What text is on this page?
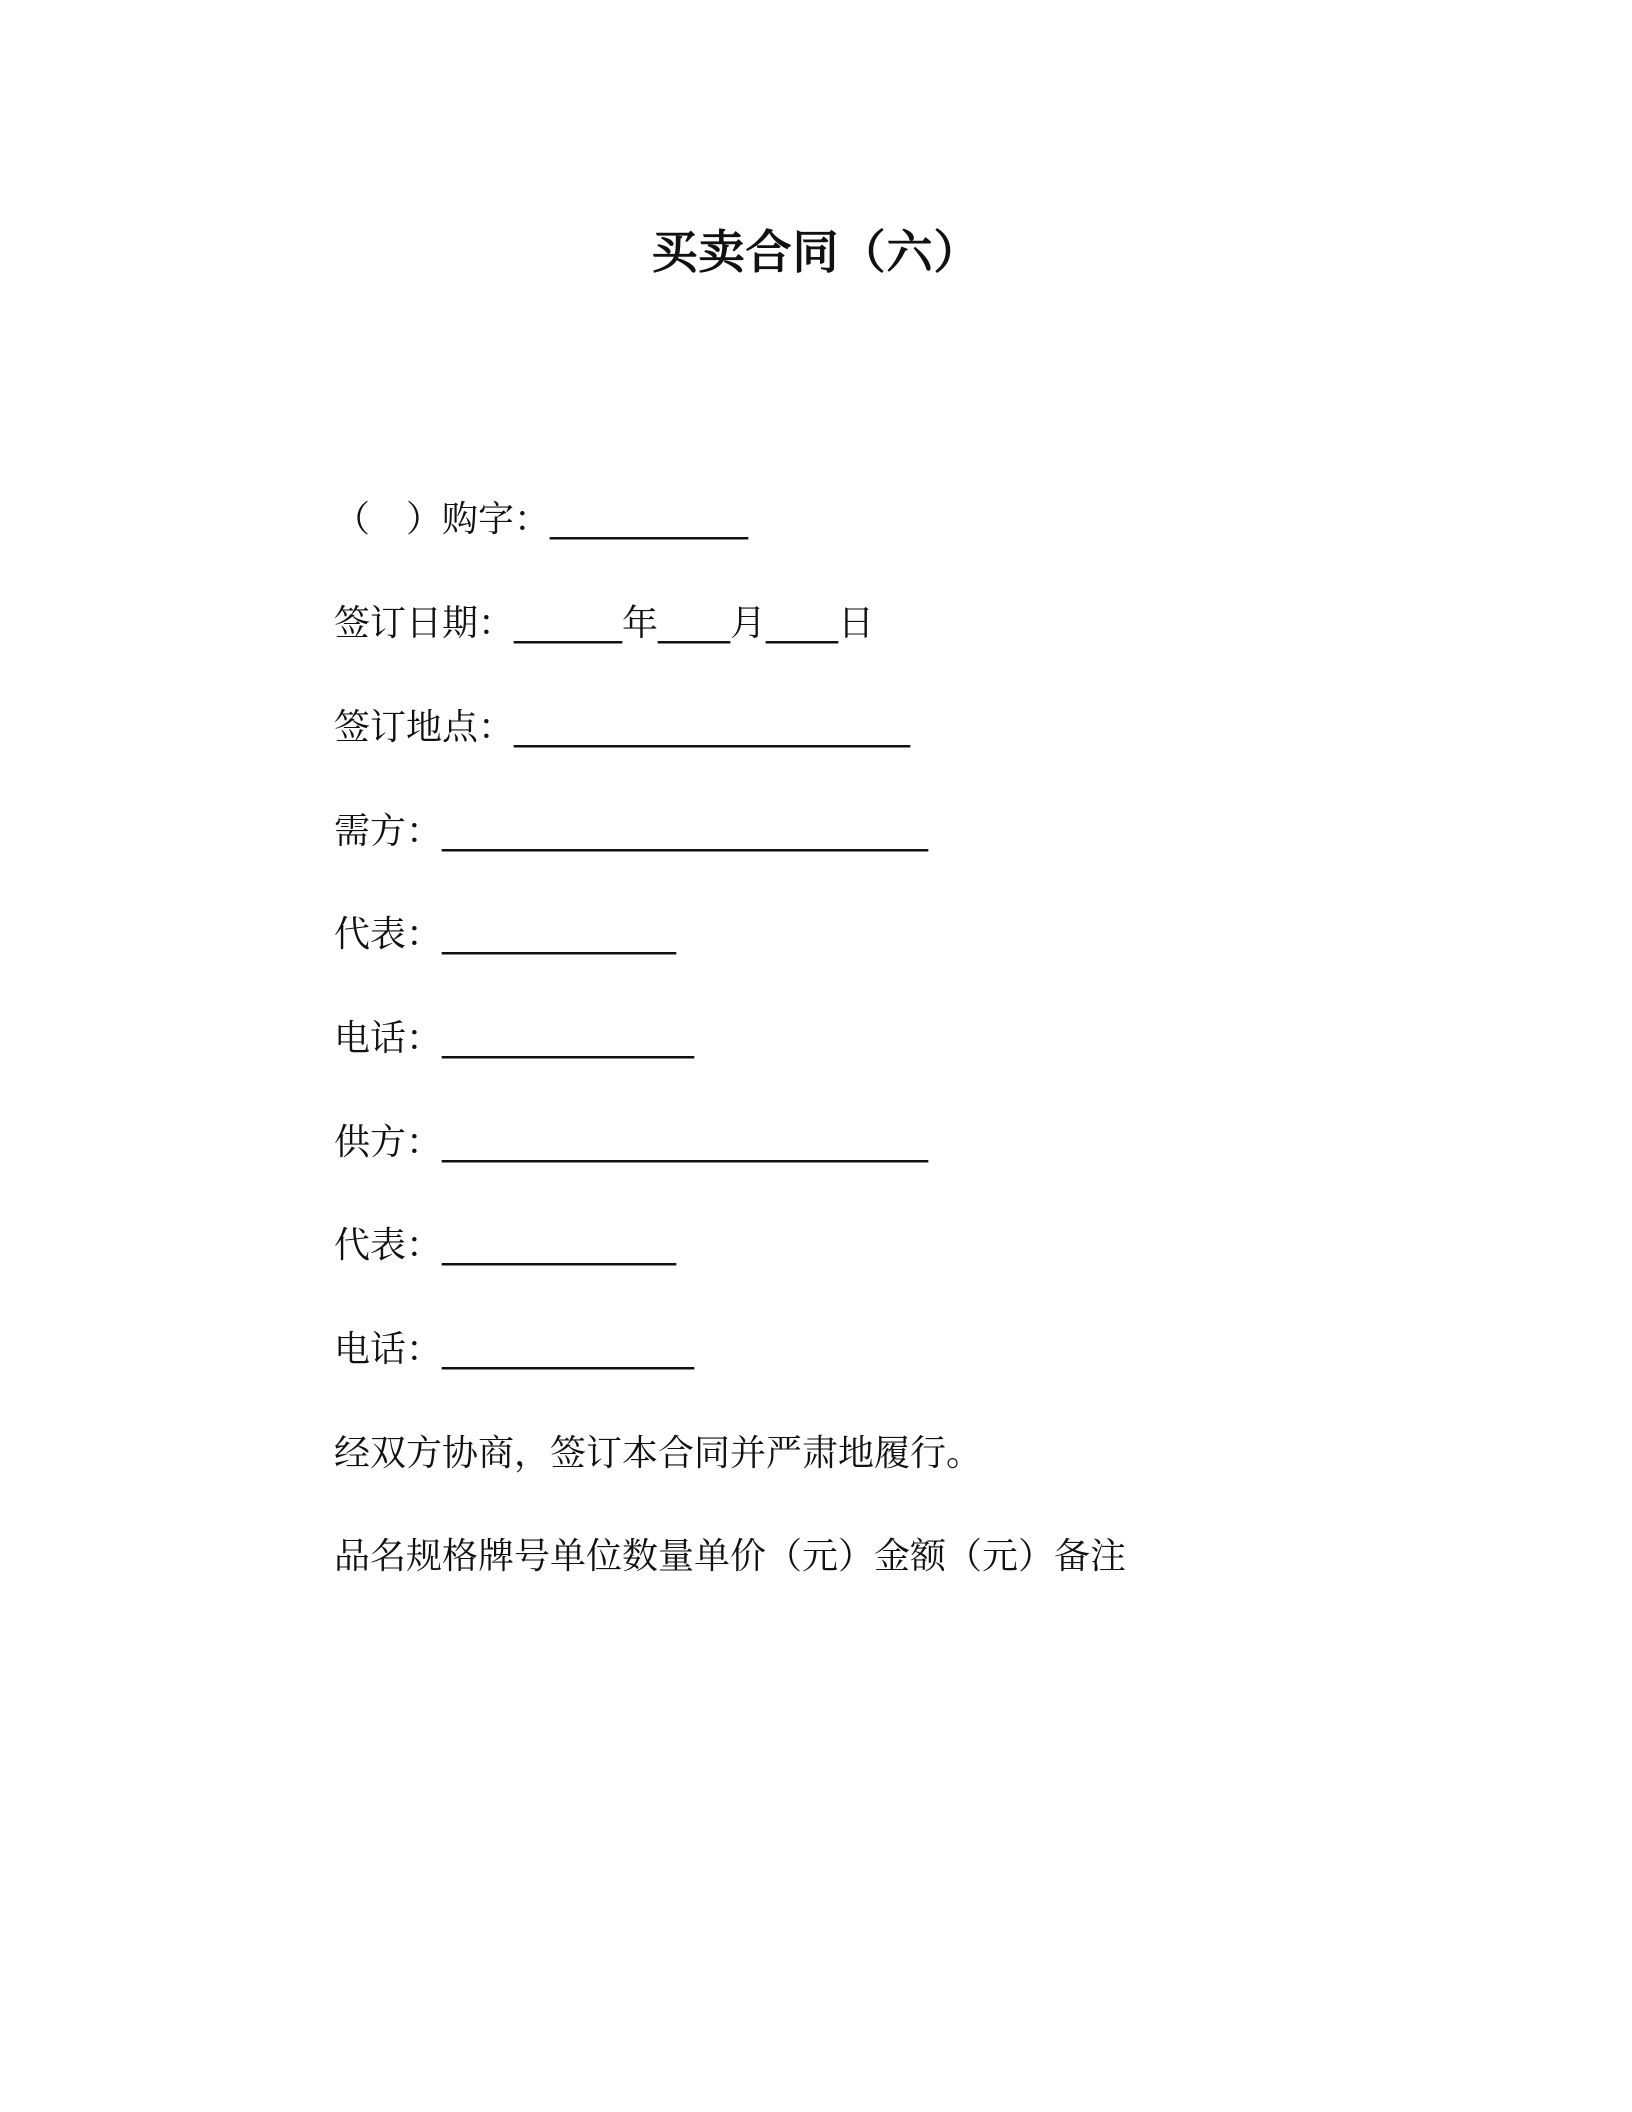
买卖合同（六）
（　）购字：___________
签订日期：______年____月____日
签订地点：______________________
需方：___________________________
代表：_____________
电话：______________
供方：___________________________
代表：_____________
电话：______________
经双方协商，签订本合同并严肃地履行。
品名规格牌号单位数量单价（元）金额（元）备注
